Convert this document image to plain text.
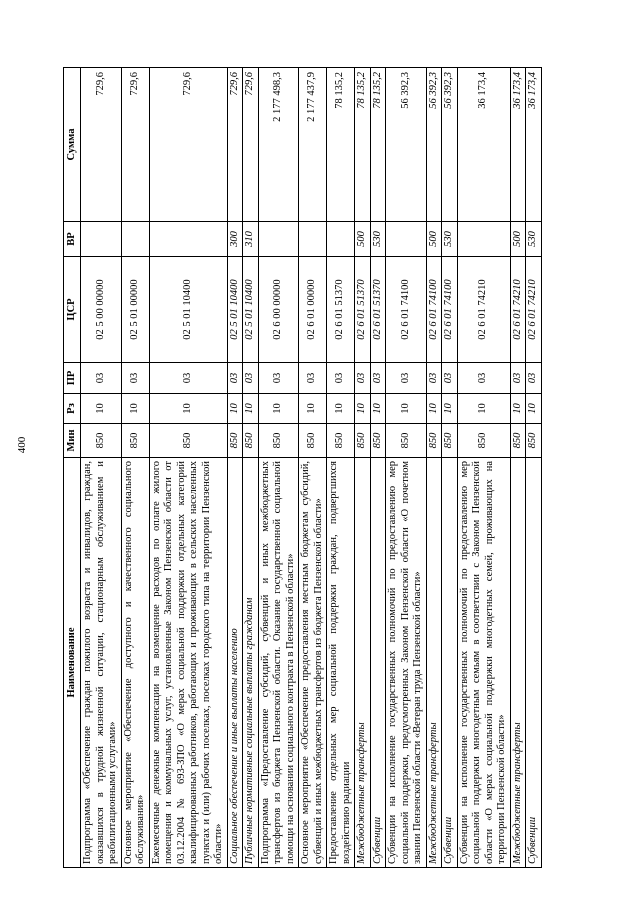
400
Наименование	Мин	Рз	ПР	ЦСР	ВР	Сумма
Подпрограмма «Обеспечение граждан пожилого возраста и инвалидов, граждан, оказавшихся в трудной жизненной ситуации, стационарным обслуживанием и реабилитационными услугами»	850	10	03	02 5 00 00000		729,6
Основное мероприятие «Обеспечение доступного и качественного социального обслуживания»	850	10	03	02 5 01 00000		729,6
Ежемесячные денежные компенсации на возмещение расходов по оплате жилого помещения и коммунальных услуг, установленные Законом Пензенской области от 03.12.2004 № 693-ЗПО «О мерах социальной поддержки отдельных категорий квалифицированных работников, работающих и проживающих в сельских населенных пунктах и (или) рабочих поселках, поселках городского типа на территории Пензенской области»	850	10	03	02 5 01 10400		729,6
Социальное обеспечение и иные выплаты населению	850	10	03	02 5 01 10400	300	729,6
Публичные нормативные социальные выплаты гражданам	850	10	03	02 5 01 10400	310	729,6
Подпрограмма «Предоставление субсидий, субвенций и иных межбюджетных трансфертов из бюджета Пензенской области. Оказание государственной социальной помощи на основании социального контракта в Пензенской области»	850	10	03	02 6 00 00000		2 177 498,3
Основное мероприятие «Обеспечение предоставления местным бюджетам субсидий, субвенций и иных межбюджетных трансфертов из бюджета Пензенской области»	850	10	03	02 6 01 00000		2 177 437,9
Предоставление отдельных мер социальной поддержки граждан, подвергшихся воздействию радиации	850	10	03	02 6 01 51370		78 135,2
Межбюджетные трансферты	850	10	03	02 6 01 51370	500	78 135,2
Субвенции	850	10	03	02 6 01 51370	530	78 135,2
Субвенции на исполнение государственных полномочий по предоставлению мер социальной поддержки, предусмотренных Законом Пензенской области «О почетном звании Пензенской области «Ветеран труда Пензенской области»	850	10	03	02 6 01 74100		56 392,3
Межбюджетные трансферты	850	10	03	02 6 01 74100	500	56 392,3
Субвенции	850	10	03	02 6 01 74100	530	56 392,3
Субвенции на исполнение государственных полномочий по предоставлению мер социальной поддержки многодетным семьям в соответствии с Законом Пензенской области «О мерах социальной поддержки многодетных семей, проживающих на территории Пензенской области»	850	10	03	02 6 01 74210		36 173,4
Межбюджетные трансферты	850	10	03	02 6 01 74210	500	36 173,4
Субвенции	850	10	03	02 6 01 74210	530	36 173,4
